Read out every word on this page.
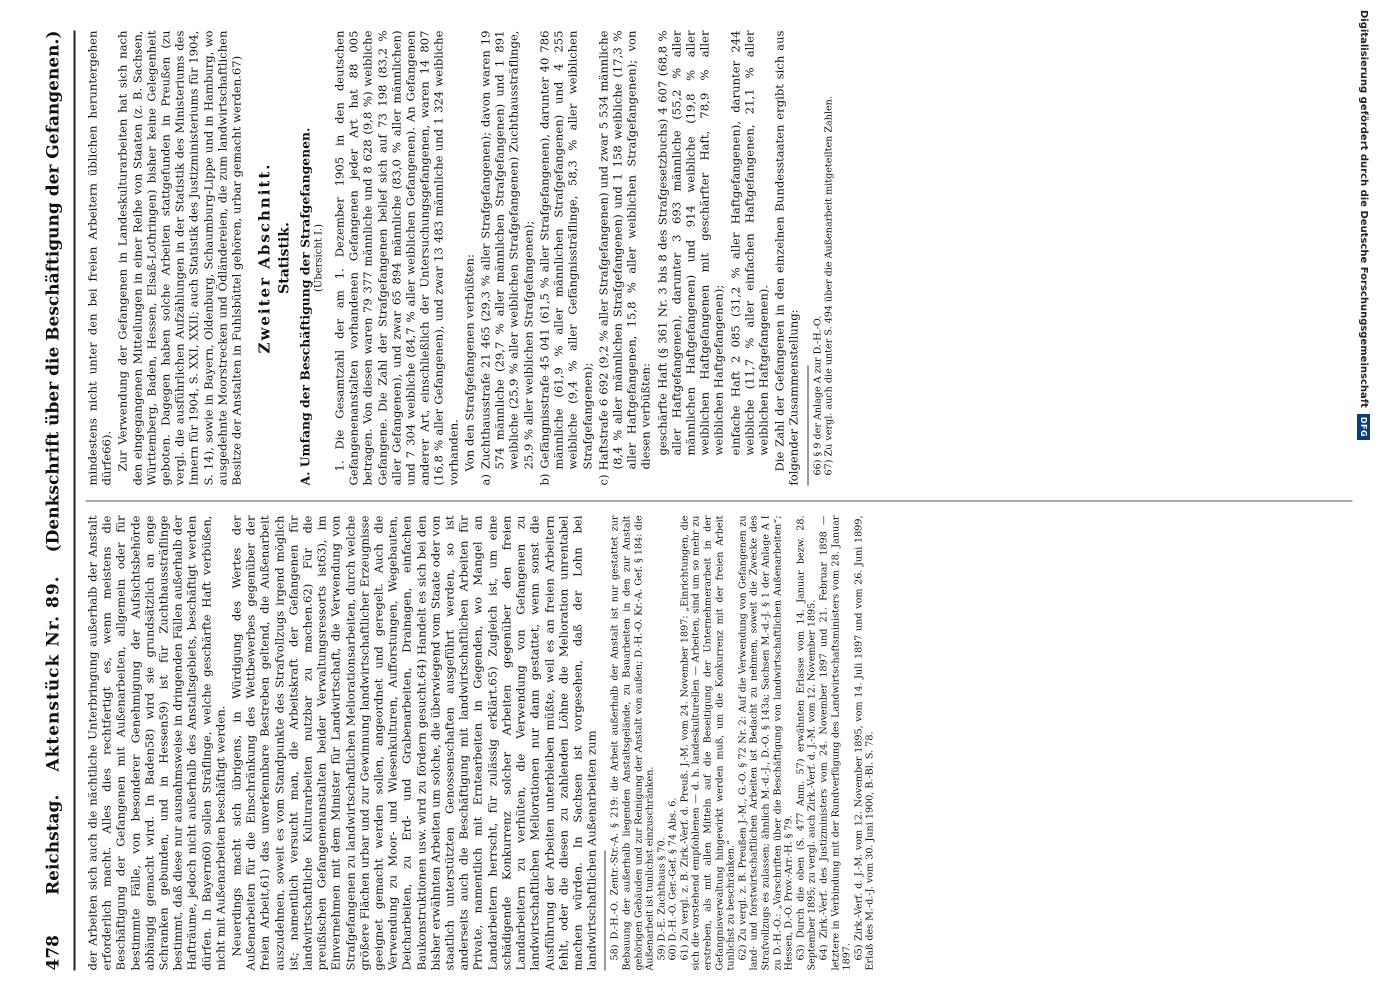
478
Reichstag.
Aktenstück Nr. 89.
(Denkschrift über die Beschäftigung der Gefangenen.)

der Arbeiten sich auch die nächtliche Unterbringung außerhalb der Anstalt erforderlich macht. Alles dies rechtfertigt es, wenn meistens die Beschäftigung der Gefangenen mit Außenarbeiten, allgemein oder für bestimmte Fälle, von besonderer Genehmigung der Aufsichtsbehörde abhängig gemacht wird. In Baden58) wird sie grundsätzlich an enge Schranken gebunden, und in Hessen59) ist für Zuchthaussträflinge bestimmt, daß diese nur ausnahmsweise in dringenden Fällen außerhalb der Hafträume, jedoch nicht außerhalb des Anstaltsgebiets, beschäftigt werden dürfen. In Bayern60) sollen Sträflinge, welche geschärfte Haft verbüßen, nicht mit Außenarbeiten beschäftigt werden. Neuerdings macht sich übrigens, in Würdigung des Wertes der Außenarbeiten für die Einschränkung des Wettbewerbes gegenüber der freien Arbeit,61) das unverkennbare Bestreben geltend, die Außenarbeit auszudehnen, soweit es vom Standpunkte des Strafvollzugs irgend möglich ist; namentlich versucht man, die Arbeitskraft der Gefangenen für landwirtschaftliche Kulturarbeiten nutzbar zu machen.62) Für die preußischen Gefangenenanstalten beider Verwaltungsressorts ist63), im Einvernehmen mit dem Minister für Landwirtschaft, die Verwendung von Strafgefangenen zu landwirtschaftlichen Meliorationsarbeiten, durch welche größere Flächen urbar und zur Gewinnung landwirtschaftlicher Erzeugnisse geeignet gemacht werden sollen, angeordnet und geregelt. Auch die Verwendung zu Moor- und Wiesenkulturen, Aufforstungen, Wegebauten, Deicharbeiten, zu Erd- und Grabenarbeiten, Drainagen, einfachen Baukonstruktionen usw. wird zu fördern gesucht.64) Handelt es sich bei den bisher erwähnten Arbeiten um solche, die überwiegend vom Staate oder von staatlich unterstützten Genossenschaften ausgeführt werden, so ist anderseits auch die Beschäftigung mit landwirtschaftlichen Arbeiten für Private, namentlich mit Erntearbeiten in Gegenden, wo Mangel an Landarbeitern herrscht, für zulässig erklärt.65) Zugleich ist, um eine schädigende Konkurrenz solcher Arbeiten gegenüber den freien Landarbeitern zu verhüten, die Verwendung von Gefangenen zu landwirtschaftlichen Meliorationen nur dann gestattet, wenn sonst die Ausführung der Arbeiten unterbleiben müßte, weil es an freien Arbeitern fehlt, oder die diesen zu zahlenden Löhne die Melioration unrentabel machen würden. In Sachsen ist vorgesehen, daß der Lohn bei landwirtschaftlichen Außenarbeiten zum 58) D.-H.-O. Zentr.-Str.-A. § 219: die Arbeit außerhalb der Anstalt ist nur gestattet zur Bebauung der außerhalb liegenden Anstaltsgelände, zu Bauarbeiten in den zur Anstalt gehörigen Gebäuden und zur Reinigung der Anstalt von außen; D.-H.-O. Kr.-A. Gef. § 184: die Außenarbeit ist tunlichst einzuschränken. 59) D.-E. Zuchthaus § 70. 60) D.-H.-O. Ger.-Gef. § 74 Abs. 6. 61) Zu vergl. z. B. Zirk.-Verf. d. Preuß. J.-M. vom 24. November 1897: „Einrichtungen, die sich die vorstehend empfohlenen — d. h. landeskulturellen — Arbeiten, sind um so mehr zu erstreben, als mit allen Mitteln auf die Beseitigung der Unternehmerarbeit in der Gefangnisverwaltung hingewirkt werden muß, um die Konkurrenz mit der freien Arbeit tunlichst zu beschränken.“ 62) Zu vergl. z. B. Preußen J.-M., G.-O. § 72 Nr. 2: Auf die Verwendung von Gefangenen zu land- und forstwirtschaftlichen Arbeiten ist Bedacht zu nehmen, soweit die Zwecke des Strafvollzugs es zulassen; ähnlich M.-d.-J., D.-O. § 143a; Sachsen M.-d.-J. § 1 der Anlage A I zu D.-H.-O.: „Vorschriften über die Beschäftigung von landwirtschaftlichen Außenarbeiten“; Hessen, D.-O. Prov.-Arr.-H. § 79. 63) Durch die oben (S. 477 Anm. 57) erwähnten Erlasse vom 14. Januar bezw. 28. September 1895; zu vergl. auch Zirk.-Verf. d. J.-M. vom 12. November 1895. 64) Zirk.-Verf. des Justizministers vom 24. November 1897 und 21. Februar 1898 — letztere in Verbindung mit der Rundverfügung des Landwirtschaftsministers vom 28. Januar 1897. 65) Zirk.-Verf. d. J.-M. vom 12. November 1895, vom 14. Juli 1897 und vom 26. Juni 1899, Erlaß des M.-d.-J. vom 30. Juni 1900, B.-Bl. S. 78.

mindestens nicht unter den bei freien Arbeitern üblichen heruntergehen dürfe66). Zur Verwendung der Gefangenen in Landeskulturarbeiten hat sich nach den eingegangenen Mitteilungen in einer Reihe von Staaten (z. B. Sachsen, Württemberg, Baden, Hessen, Elsaß-Lothringen) bisher keine Gelegenheit geboten. Dagegen haben solche Arbeiten stattgefunden in Preußen (zu vergl. die ausführlichen Aufzählungen in der Statistik des Ministeriums des Innern für 1904, S. XXI, XXII; auch Statistik des Justizministeriums für 1904, S. 14), sowie in Bayern, Oldenburg, Schaumburg-Lippe und in Hamburg, wo ausgedehnte Moorstrecken und Ödländereien, die zum landwirtschaftlichen Besitze der Anstalten in Fuhlsbüttel gehören, urbar gemacht werden.67) Zweiter Abschnitt. Statistik. A. Umfang der Beschäftigung der Strafgefangenen. (Übersicht I.) 1. Die Gesamtzahl der am 1. Dezember 1905 in den deutschen Gefangenenanstalten vorhandenen Gefangenen jeder Art hat 88 005 betragen. Von diesen waren 79 377 männliche und 8 628 (9,8 %) weibliche Gefangene. Die Zahl der Strafgefangenen belief sich auf 73 198 (83,2 % aller Gefangenen), und zwar 65 894 männliche (83,0 % aller männlichen) und 7 304 weibliche (84,7 % aller weiblichen Gefangenen). An Gefangenen anderer Art, einschließlich der Untersuchungsgefangenen, waren 14 807 (16,8 % aller Gefangenen), und zwar 13 483 männliche und 1 324 weibliche vorhanden. Von den Strafgefangenen verbüßten: a) Zuchthausstrafe 21 465 (29,3 % aller Strafgefangenen); davon waren 19 574 männliche (29,7 % aller männlichen Strafgefangenen) und 1 891 weibliche (25,9 % aller weiblichen Strafgefangenen) Zuchthaussträflinge, 25,9 % aller weiblichen Strafgefangenen); b) Gefängnisstrafe 45 041 (61,5 % aller Strafgefangenen), darunter 40 786 männliche (61,9 % aller männlichen Strafgefangenen) und 4 255 weibliche (9,4 % aller Gefängnissträflinge, 58,3 % aller weiblichen Strafgefangenen); c) Haftstrafe 6 692 (9,2 % aller Strafgefangenen) und zwar 5 534 männliche (8,4 % aller männlichen Strafgefangenen) und 1 158 weibliche (17,3 % aller Haftgefangenen, 15,8 % aller weiblichen Strafgefangenen); von diesen verbüßten: geschärfte Haft (§ 361 Nr. 3 bis 8 des Strafgesetzbuchs) 4 607 (68,8 % aller Haftgefangenen), darunter 3 693 männliche (55,2 % aller männlichen Haftgefangenen) und 914 weibliche (19,8 % aller weiblichen Haftgefangenen mit geschärfter Haft, 78,9 % aller weiblichen Haftgefangenen); einfache Haft 2 085 (31,2 % aller Haftgefangenen), darunter 244 weibliche (11,7 % aller einfachen Haftgefangenen, 21,1 % aller weiblichen Haftgefangenen). Die Zahl der Gefangenen in den einzelnen Bundesstaaten ergibt sich aus folgender Zusammenstellung: 66) § 9 der Anlage A zur D.-H.-O. 67) Zu vergl. auch die unter S. 494 über die Außenarbeit mitgeteilten Zahlen.	Digitalisierung gefördert durch die Deutsche Forschungsgemeinschaft
DFG
